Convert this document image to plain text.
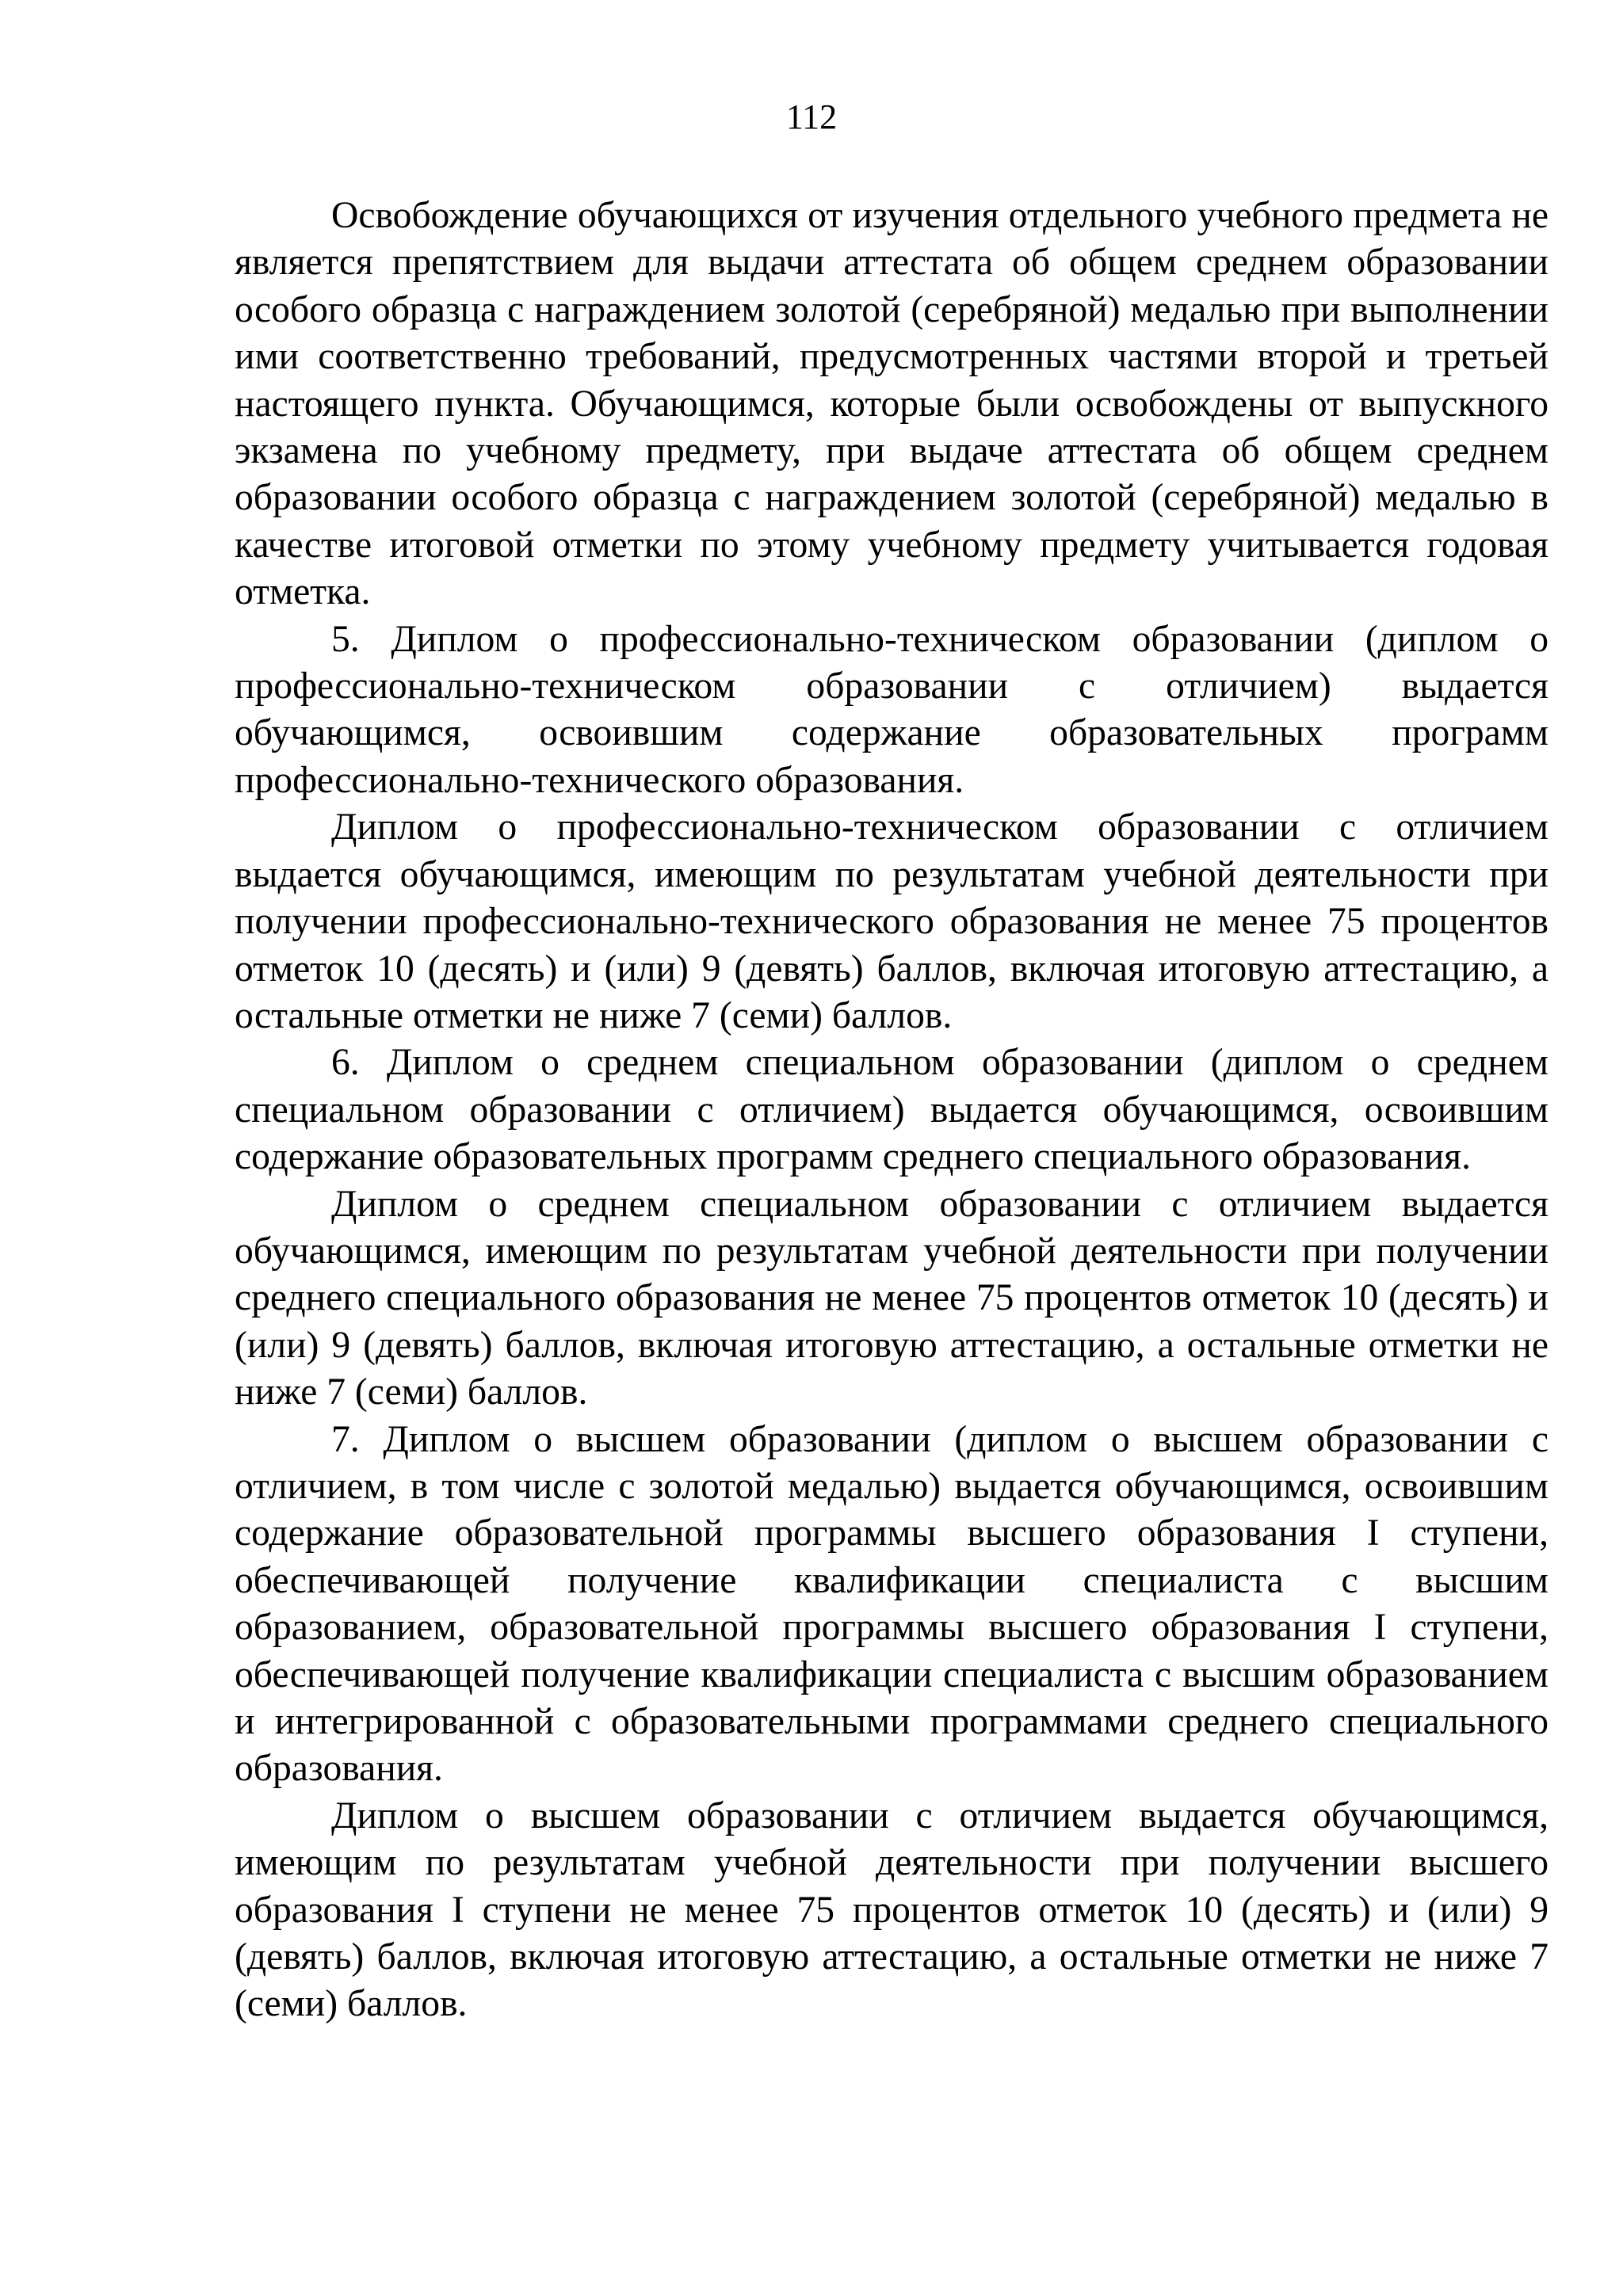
112

Освобождение обучающихся от изучения отдельного учебного предмета не является препятствием для выдачи аттестата об общем среднем образовании особого образца с награждением золотой (серебряной) медалью при выполнении ими соответственно требований, предусмотренных частями второй и третьей настоящего пункта. Обучающимся, которые были освобождены от выпускного экзамена по учебному предмету, при выдаче аттестата об общем среднем образовании особого образца с награждением золотой (серебряной) медалью в качестве итоговой отметки по этому учебному предмету учитывается годовая отметка.

5. Диплом о профессионально-техническом образовании (диплом о профессионально-техническом образовании с отличием) выдается обучающимся, освоившим содержание образовательных программ профессионально-технического образования.

Диплом о профессионально-техническом образовании с отличием выдается обучающимся, имеющим по результатам учебной деятельности при получении профессионально-технического образования не менее 75 процентов отметок 10 (десять) и (или) 9 (девять) баллов, включая итоговую аттестацию, а остальные отметки не ниже 7 (семи) баллов.

6. Диплом о среднем специальном образовании (диплом о среднем специальном образовании с отличием) выдается обучающимся, освоившим содержание образовательных программ среднего специального образования.

Диплом о среднем специальном образовании с отличием выдается обучающимся, имеющим по результатам учебной деятельности при получении среднего специального образования не менее 75 процентов отметок 10 (десять) и (или) 9 (девять) баллов, включая итоговую аттестацию, а остальные отметки не ниже 7 (семи) баллов.

7. Диплом о высшем образовании (диплом о высшем образовании с отличием, в том числе с золотой медалью) выдается обучающимся, освоившим содержание образовательной программы высшего образования I ступени, обеспечивающей получение квалификации специалиста с высшим образованием, образовательной программы высшего образования I ступени, обеспечивающей получение квалификации специалиста с высшим образованием и интегрированной с образовательными программами среднего специального образования.

Диплом о высшем образовании с отличием выдается обучающимся, имеющим по результатам учебной деятельности при получении высшего образования I ступени не менее 75 процентов отметок 10 (десять) и (или) 9 (девять) баллов, включая итоговую аттестацию, а остальные отметки не ниже 7 (семи) баллов.
